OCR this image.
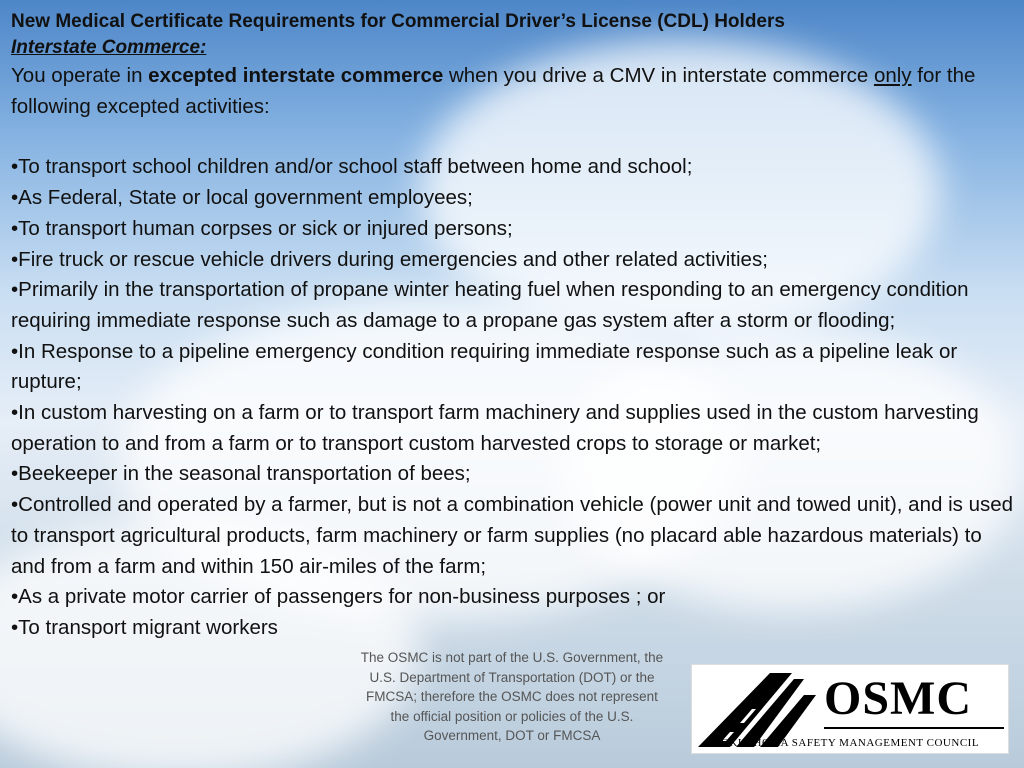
New Medical Certificate Requirements for Commercial Driver’s License (CDL) Holders
Interstate Commerce:

You operate in excepted interstate commerce when you drive a CMV in interstate commerce only for the following excepted activities:

•To transport school children and/or school staff between home and school;

•As Federal, State or local government employees;

•To transport human corpses or sick or injured persons;

•Fire truck or rescue vehicle drivers during emergencies and other related activities;

•Primarily in the transportation of propane winter heating fuel when responding to an emergency condition requiring immediate response such as damage to a propane gas system after a storm or flooding;

•In Response to a pipeline emergency condition requiring immediate response such as a pipeline leak or rupture;

•In custom harvesting on a farm or to transport farm machinery and supplies used in the custom harvesting operation to and from a farm or to transport custom harvested crops to storage or market;

•Beekeeper in the seasonal transportation of bees;

•Controlled and operated by a farmer, but is not a combination vehicle (power unit and towed unit), and is used to transport agricultural products, farm machinery or farm supplies (no placard able hazardous materials) to and from a farm and within 150 air-miles of the farm;

•As a private motor carrier of passengers for non-business purposes ; or

•To transport migrant workers

The OSMC is not part of the U.S. Government, the U.S. Department of Transportation (DOT) or the FMCSA; therefore the OSMC does not represent the official position or policies of the U.S. Government, DOT or FMCSA
OSMC
OKLAHOMA SAFETY MANAGEMENT COUNCIL
